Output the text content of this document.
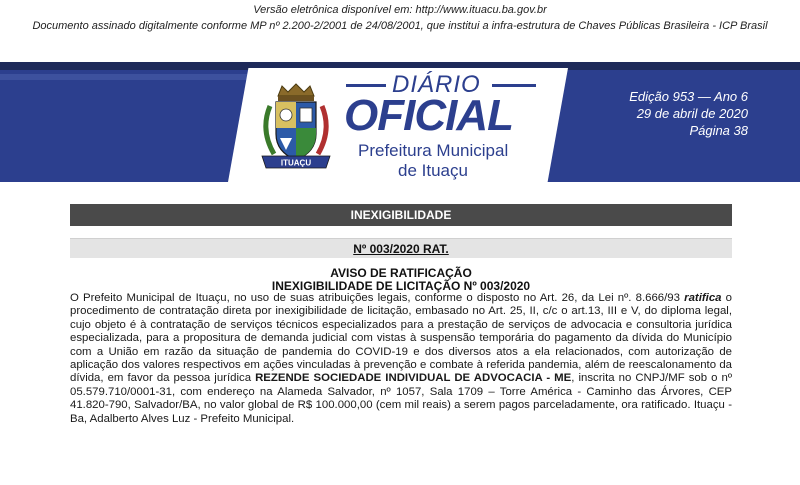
Versão eletrônica disponível em: http://www.ituacu.ba.gov.br
Documento assinado digitalmente conforme MP nº 2.200-2/2001 de 24/08/2001, que institui a infra-estrutura de Chaves Públicas Brasileira - ICP Brasil
ITUAÇU
DIÁRIO
OFICIAL
Prefeitura Municipal
de Ituaçu
Edição 953 — Ano 6
29 de abril de 2020
Página 38
INEXIGIBILIDADE
Nº 003/2020 RAT.
AVISO DE RATIFICAÇÃO
INEXIGIBILIDADE DE LICITAÇÃO Nº 003/2020

O Prefeito Municipal de Ituaçu, no uso de suas atribuições legais, conforme o disposto no Art. 26, da Lei nº. 8.666/93 ratifica o procedimento de contratação direta por inexigibilidade de licitação, embasado no Art. 25, II, c/c o art.13, III e V, do diploma legal, cujo objeto é à contratação de serviços técnicos especializados para a prestação de serviços de advocacia e consultoria jurídica especializada, para a propositura de demanda judicial com vistas à suspensão temporária do pagamento da dívida do Município com a União em razão da situação de pandemia do COVID-19 e dos diversos atos a ela relacionados, com autorização de aplicação dos valores respectivos em ações vinculadas à prevenção e combate à referida pandemia, além de reescalonamento da dívida, em favor da pessoa jurídica REZENDE SOCIEDADE INDIVIDUAL DE ADVOCACIA - ME, inscrita no CNPJ/MF sob o nº 05.579.710/0001-31, com endereço na Alameda Salvador, nº 1057, Sala 1709 – Torre América - Caminho das Árvores, CEP 41.820-790, Salvador/BA, no valor global de R$ 100.000,00 (cem mil reais) a serem pagos parceladamente, ora ratificado. Ituaçu - Ba, Adalberto Alves Luz - Prefeito Municipal.
